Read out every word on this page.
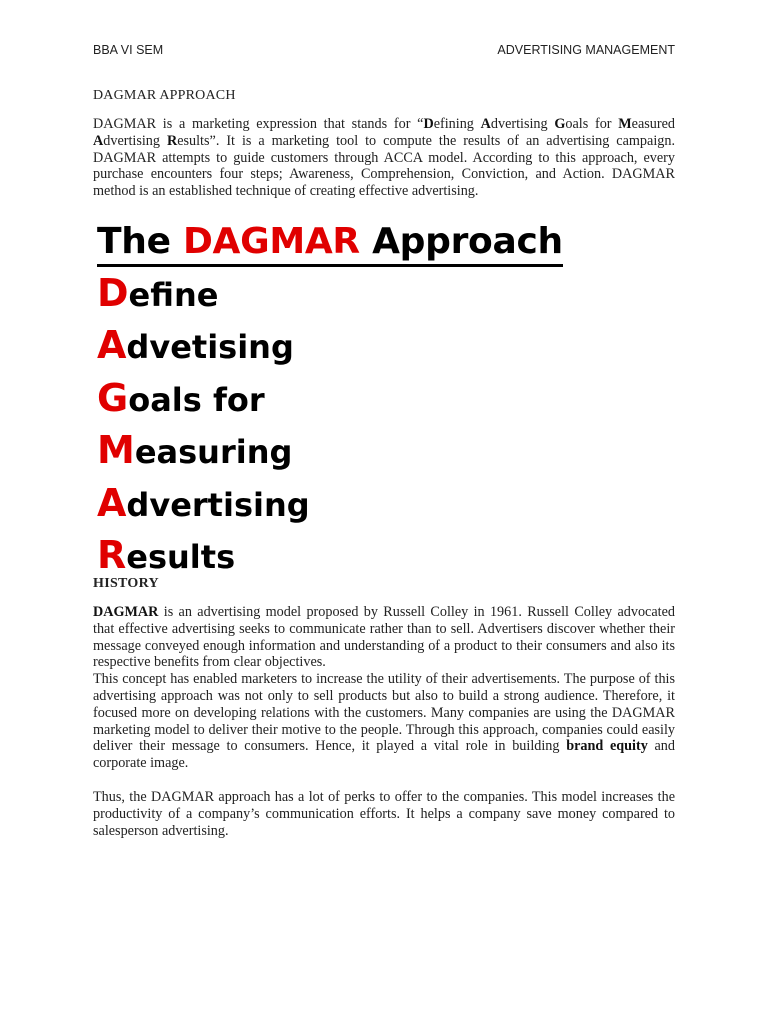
BBA VI SEM	ADVERTISING MANAGEMENT
DAGMAR APPROACH

DAGMAR is a marketing expression that stands for “Defining Advertising Goals for Measured Advertising Results”. It is a marketing tool to compute the results of an advertising campaign. DAGMAR attempts to guide customers through ACCA model. According to this approach, every purchase encounters four steps; Awareness, Comprehension, Conviction, and Action. DAGMAR method is an established technique of creating effective advertising.

The DAGMAR Approach
Define
Advetising
Goals for
Measuring
Advertising
Results
HISTORY

DAGMAR is an advertising model proposed by Russell Colley in 1961. Russell Colley advocated that effective advertising seeks to communicate rather than to sell. Advertisers discover whether their message conveyed enough information and understanding of a product to their consumers and also its respective benefits from clear objectives.

This concept has enabled marketers to increase the utility of their advertisements. The purpose of this advertising approach was not only to sell products but also to build a strong audience. Therefore, it focused more on developing relations with the customers. Many companies are using the DAGMAR marketing model to deliver their motive to the people. Through this approach, companies could easily deliver their message to consumers. Hence, it played a vital role in building brand equity and corporate image.

Thus, the DAGMAR approach has a lot of perks to offer to the companies. This model increases the productivity of a company’s communication efforts. It helps a company save money compared to salesperson advertising.
